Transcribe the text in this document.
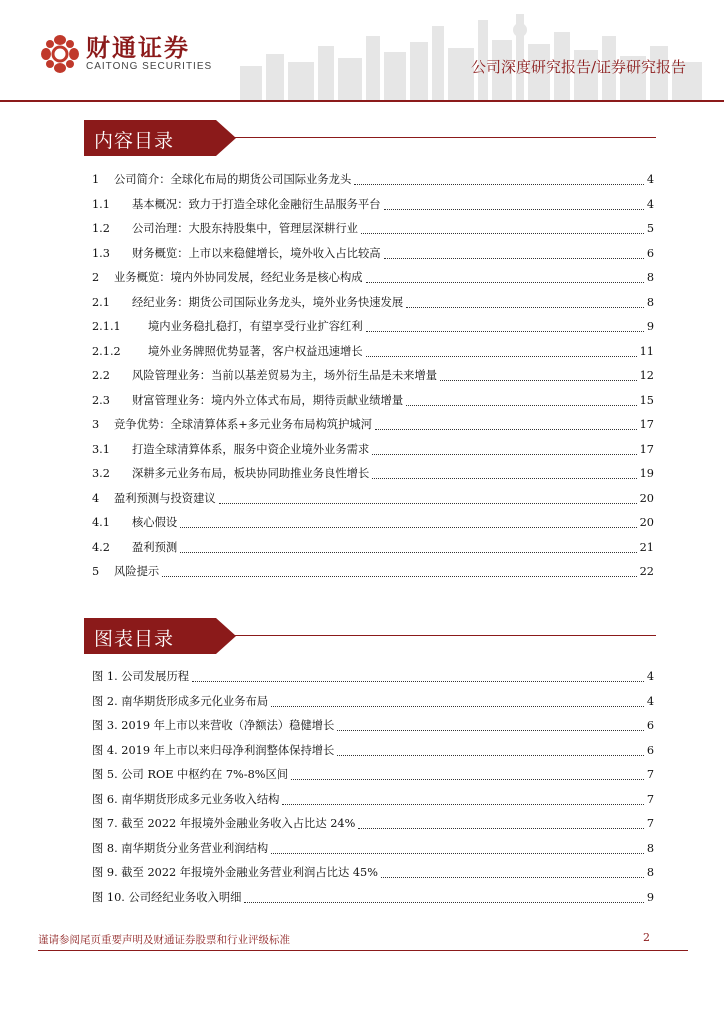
财通证券
CAITONG SECURITIES	公司深度研究报告/证券研究报告
内容目录
1	公司简介：全球化布局的期货公司国际业务龙头	4
1.1	基本概况：致力于打造全球化金融衍生品服务平台	4
1.2	公司治理：大股东持股集中，管理层深耕行业	5
1.3	财务概览：上市以来稳健增长，境外收入占比较高	6
2	业务概览：境内外协同发展，经纪业务是核心构成	8
2.1	经纪业务：期货公司国际业务龙头，境外业务快速发展	8
2.1.1	境内业务稳扎稳打，有望享受行业扩容红利	9
2.1.2	境外业务牌照优势显著，客户权益迅速增长	11
2.2	风险管理业务：当前以基差贸易为主，场外衍生品是未来增量	12
2.3	财富管理业务：境内外立体式布局，期待贡献业绩增量	15
3	竞争优势：全球清算体系+多元业务布局构筑护城河	17
3.1	打造全球清算体系，服务中资企业境外业务需求	17
3.2	深耕多元业务布局，板块协同助推业务良性增长	19
4	盈利预测与投资建议	20
4.1	核心假设	20
4.2	盈利预测	21
5	风险提示	22
图表目录
图 1. 公司发展历程	4
图 2. 南华期货形成多元化业务布局	4
图 3. 2019 年上市以来营收（净额法）稳健增长	6
图 4. 2019 年上市以来归母净利润整体保持增长	6
图 5. 公司 ROE 中枢约在 7%-8%区间	7
图 6. 南华期货形成多元业务收入结构	7
图 7. 截至 2022 年报境外金融业务收入占比达 24%	7
图 8. 南华期货分业务营业利润结构	8
图 9. 截至 2022 年报境外金融业务营业利润占比达 45%	8
图 10. 公司经纪业务收入明细	9
谨请参阅尾页重要声明及财通证券股票和行业评级标准	2
